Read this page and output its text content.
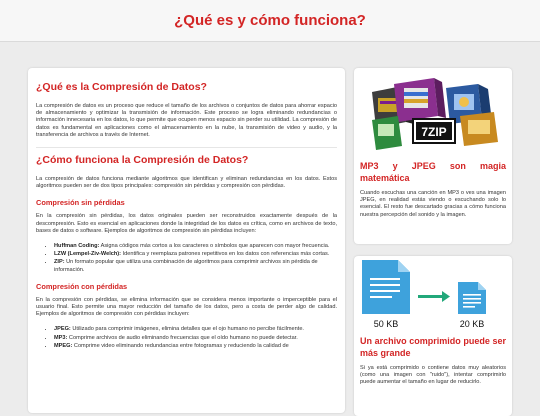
¿Qué es y cómo funciona?
¿Qué es la Compresión de Datos?

La compresión de datos es un proceso que reduce el tamaño de los archivos o conjuntos de datos para ahorrar espacio de almacenamiento y optimizar la transmisión de información. Este proceso se logra eliminando redundancias o información innecesaria en los datos, lo que permite que ocupen menos espacio sin perder su utilidad. La compresión de datos es fundamental en aplicaciones como el almacenamiento en la nube, la transmisión de video y audio, y la transferencia de archivos a través de Internet.

¿Cómo funciona la Compresión de Datos?

La compresión de datos funciona mediante algoritmos que identifican y eliminan redundancias en los datos. Estos algoritmos pueden ser de dos tipos principales: compresión sin pérdidas y compresión con pérdidas.

Compresión sin pérdidas

En la compresión sin pérdidas, los datos originales pueden ser reconstruidos exactamente después de la descompresión. Esto es esencial en aplicaciones donde la integridad de los datos es crítica, como en archivos de texto, bases de datos o software. Ejemplos de algoritmos de compresión sin pérdidas incluyen:

• Huffman Coding: Asigna códigos más cortos a los caracteres o símbolos que aparecen con mayor frecuencia.
• LZW (Lempel-Ziv-Welch): Identifica y reemplaza patrones repetitivos en los datos con referencias más cortas.
• ZIP: Un formato popular que utiliza una combinación de algoritmos para comprimir archivos sin pérdida de información.
Compresión con pérdidas

En la compresión con pérdidas, se elimina información que se considera menos importante o imperceptible para el usuario final. Esto permite una mayor reducción del tamaño de los datos, pero a costa de perder algo de calidad. Ejemplos de algoritmos de compresión con pérdidas incluyen:

• JPEG: Utilizado para comprimir imágenes, elimina detalles que el ojo humano no percibe fácilmente.
• MP3: Comprime archivos de audio eliminando frecuencias que el oído humano no puede detectar.
• MPEG: Comprime video eliminando redundancias entre fotogramas y reduciendo la calidad de
7ZIP
MP3 y JPEG son magia matemática

Cuando escuchas una canción en MP3 o ves una imagen JPEG, en realidad estás viendo o escuchando solo lo esencial. El resto fue descartado gracias a cómo funciona nuestra percepción del sonido y la imagen.

50 KB	20 KB
Un archivo comprimido puede ser más grande

Si ya está comprimido o contiene datos muy aleatorios (como una imagen con "ruido"), intentar comprimirlo puede aumentar el tamaño en lugar de reducirlo.
